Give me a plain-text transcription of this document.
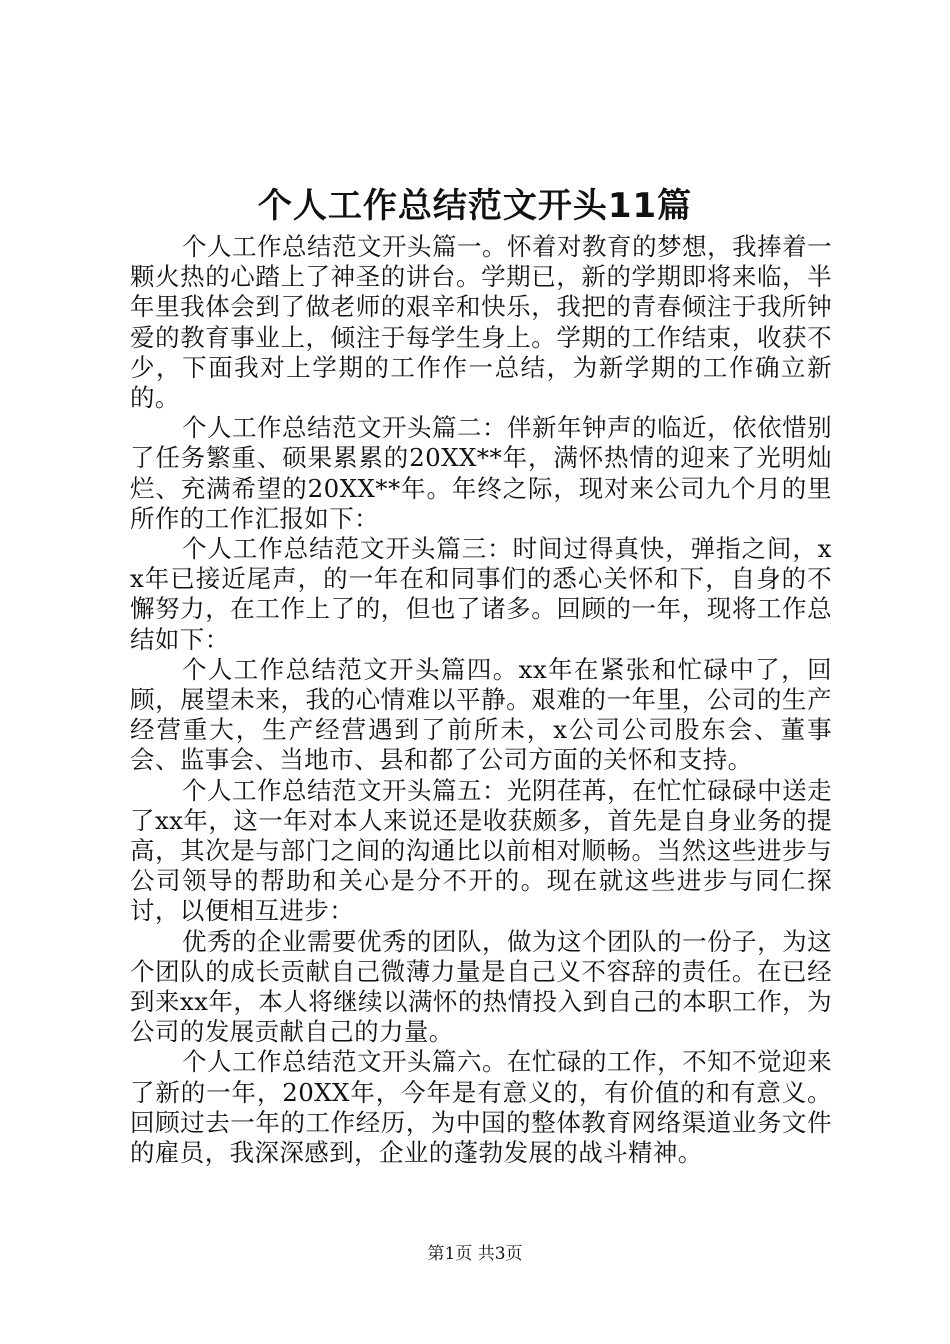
个人工作总结范文开头11篇

个人工作总结范文开头篇一。怀着对教育的梦想，我捧着一颗火热的心踏上了神圣的讲台。学期已，新的学期即将来临，半年里我体会到了做老师的艰辛和快乐，我把的青春倾注于我所钟爱的教育事业上，倾注于每学生身上。学期的工作结束，收获不少，下面我对上学期的工作作一总结，为新学期的工作确立新的。

个人工作总结范文开头篇二：伴新年钟声的临近，依依惜别了任务繁重、硕果累累的20XX**年，满怀热情的迎来了光明灿烂、充满希望的20XX**年。年终之际，现对来公司九个月的里所作的工作汇报如下：

个人工作总结范文开头篇三：时间过得真快，弹指之间，xx年已接近尾声，的一年在和同事们的悉心关怀和下，自身的不懈努力，在工作上了的，但也了诸多。回顾的一年，现将工作总结如下：

个人工作总结范文开头篇四。xx年在紧张和忙碌中了，回顾，展望未来，我的心情难以平静。艰难的一年里，公司的生产经营重大，生产经营遇到了前所未，x公司公司股东会、董事会、监事会、当地市、县和都了公司方面的关怀和支持。

个人工作总结范文开头篇五：光阴荏苒，在忙忙碌碌中送走了xx年，这一年对本人来说还是收获颇多，首先是自身业务的提高，其次是与部门之间的沟通比以前相对顺畅。当然这些进步与公司领导的帮助和关心是分不开的。现在就这些进步与同仁探讨，以便相互进步：

优秀的企业需要优秀的团队，做为这个团队的一份子，为这个团队的成长贡献自己微薄力量是自己义不容辞的责任。在已经到来xx年，本人将继续以满怀的热情投入到自己的本职工作，为公司的发展贡献自己的力量。

个人工作总结范文开头篇六。在忙碌的工作，不知不觉迎来了新的一年，20XX年，今年是有意义的，有价值的和有意义。回顾过去一年的工作经历，为中国的整体教育网络渠道业务文件的雇员，我深深感到，企业的蓬勃发展的战斗精神。

第1页 共3页
